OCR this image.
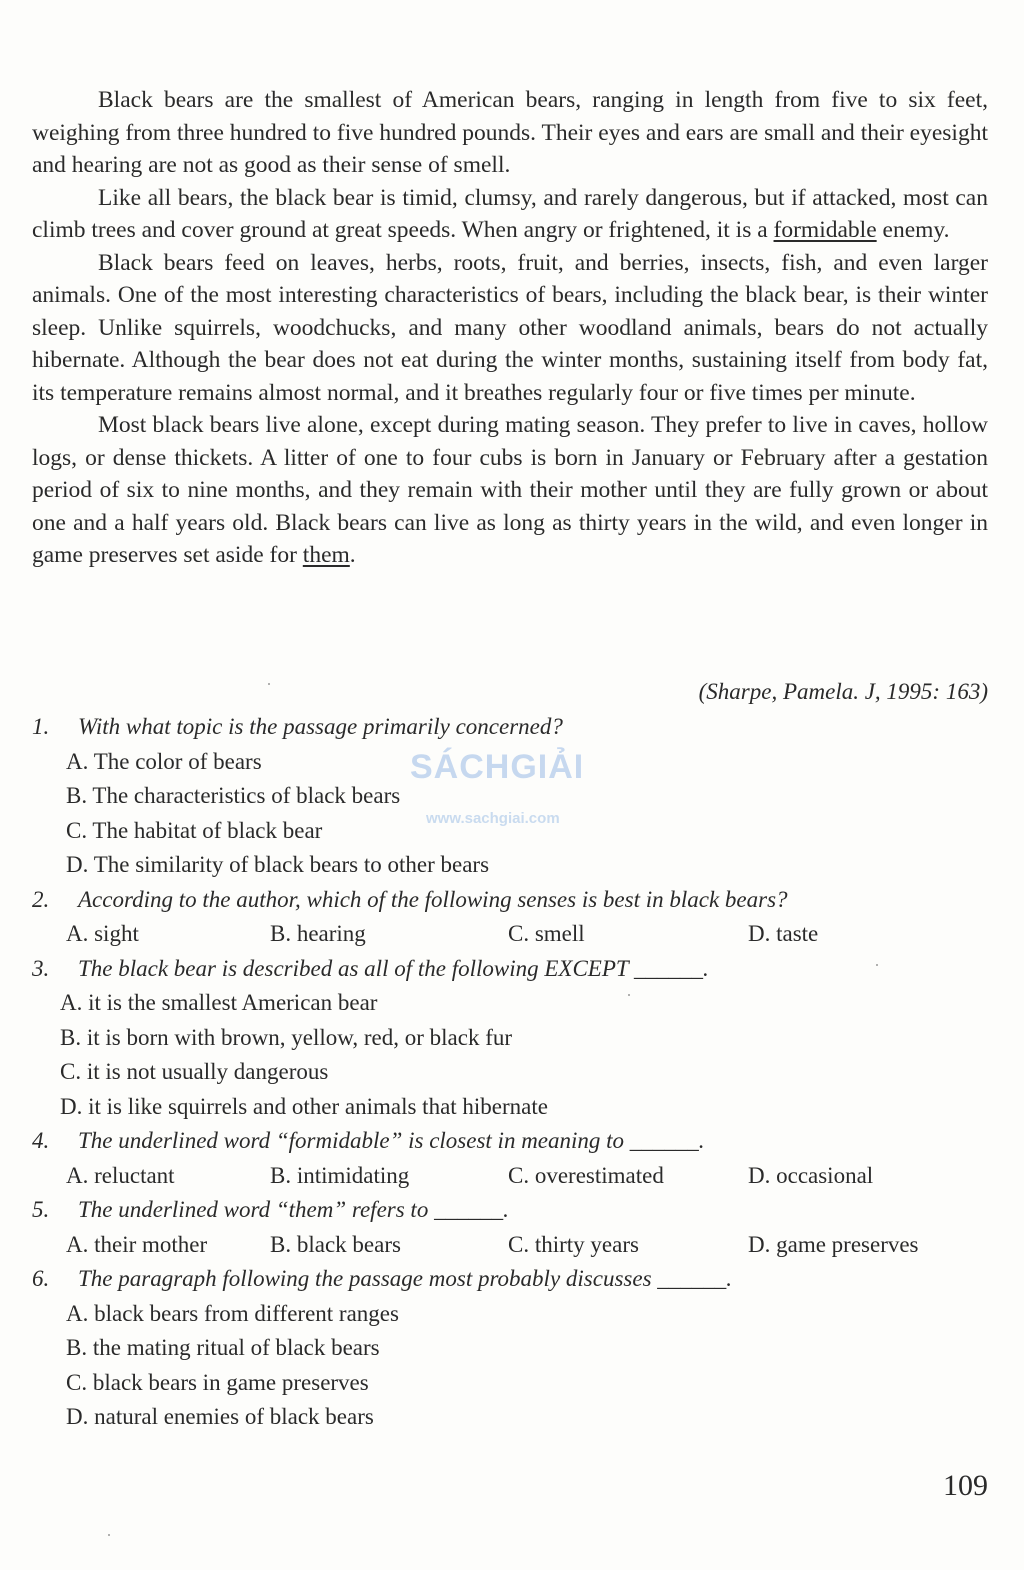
Black bears are the smallest of American bears, ranging in length from five to six feet, weighing from three hundred to five hundred pounds. Their eyes and ears are small and their eyesight and hearing are not as good as their sense of smell.

Like all bears, the black bear is timid, clumsy, and rarely dangerous, but if attacked, most can climb trees and cover ground at great speeds. When angry or frightened, it is a formidable enemy.

Black bears feed on leaves, herbs, roots, fruit, and berries, insects, fish, and even larger animals. One of the most interesting characteristics of bears, including the black bear, is their winter sleep. Unlike squirrels, woodchucks, and many other woodland animals, bears do not actually hibernate. Although the bear does not eat during the winter months, sustaining itself from body fat, its temperature remains almost normal, and it breathes regularly four or five times per minute.

Most black bears live alone, except during mating season. They prefer to live in caves, hollow logs, or dense thickets. A litter of one to four cubs is born in January or February after a gestation period of six to nine months, and they remain with their mother until they are fully grown or about one and a half years old. Black bears can live as long as thirty years in the wild, and even longer in game preserves set aside for them.

(Sharpe, Pamela. J, 1995: 163)
1.	With what topic is the passage primarily concerned?
A. The color of bears
B. The characteristics of black bears
C. The habitat of black bear
D. The similarity of black bears to other bears
2.	According to the author, which of the following senses is best in black bears?
A. sight	B. hearing	C. smell	D. taste
3.	The black bear is described as all of the following EXCEPT ______.
A. it is the smallest American bear
B. it is born with brown, yellow, red, or black fur
C. it is not usually dangerous
D. it is like squirrels and other animals that hibernate
4.	The underlined word “formidable” is closest in meaning to ______.
A. reluctant	B. intimidating	C. overestimated	D. occasional
5.	The underlined word “them” refers to ______.
A. their mother	B. black bears	C. thirty years	D. game preserves
6.	The paragraph following the passage most probably discusses ______.
A. black bears from different ranges
B. the mating ritual of black bears
C. black bears in game preserves
D. natural enemies of black bears
SÁCHGIẢI
www.sachgiai.com
109
